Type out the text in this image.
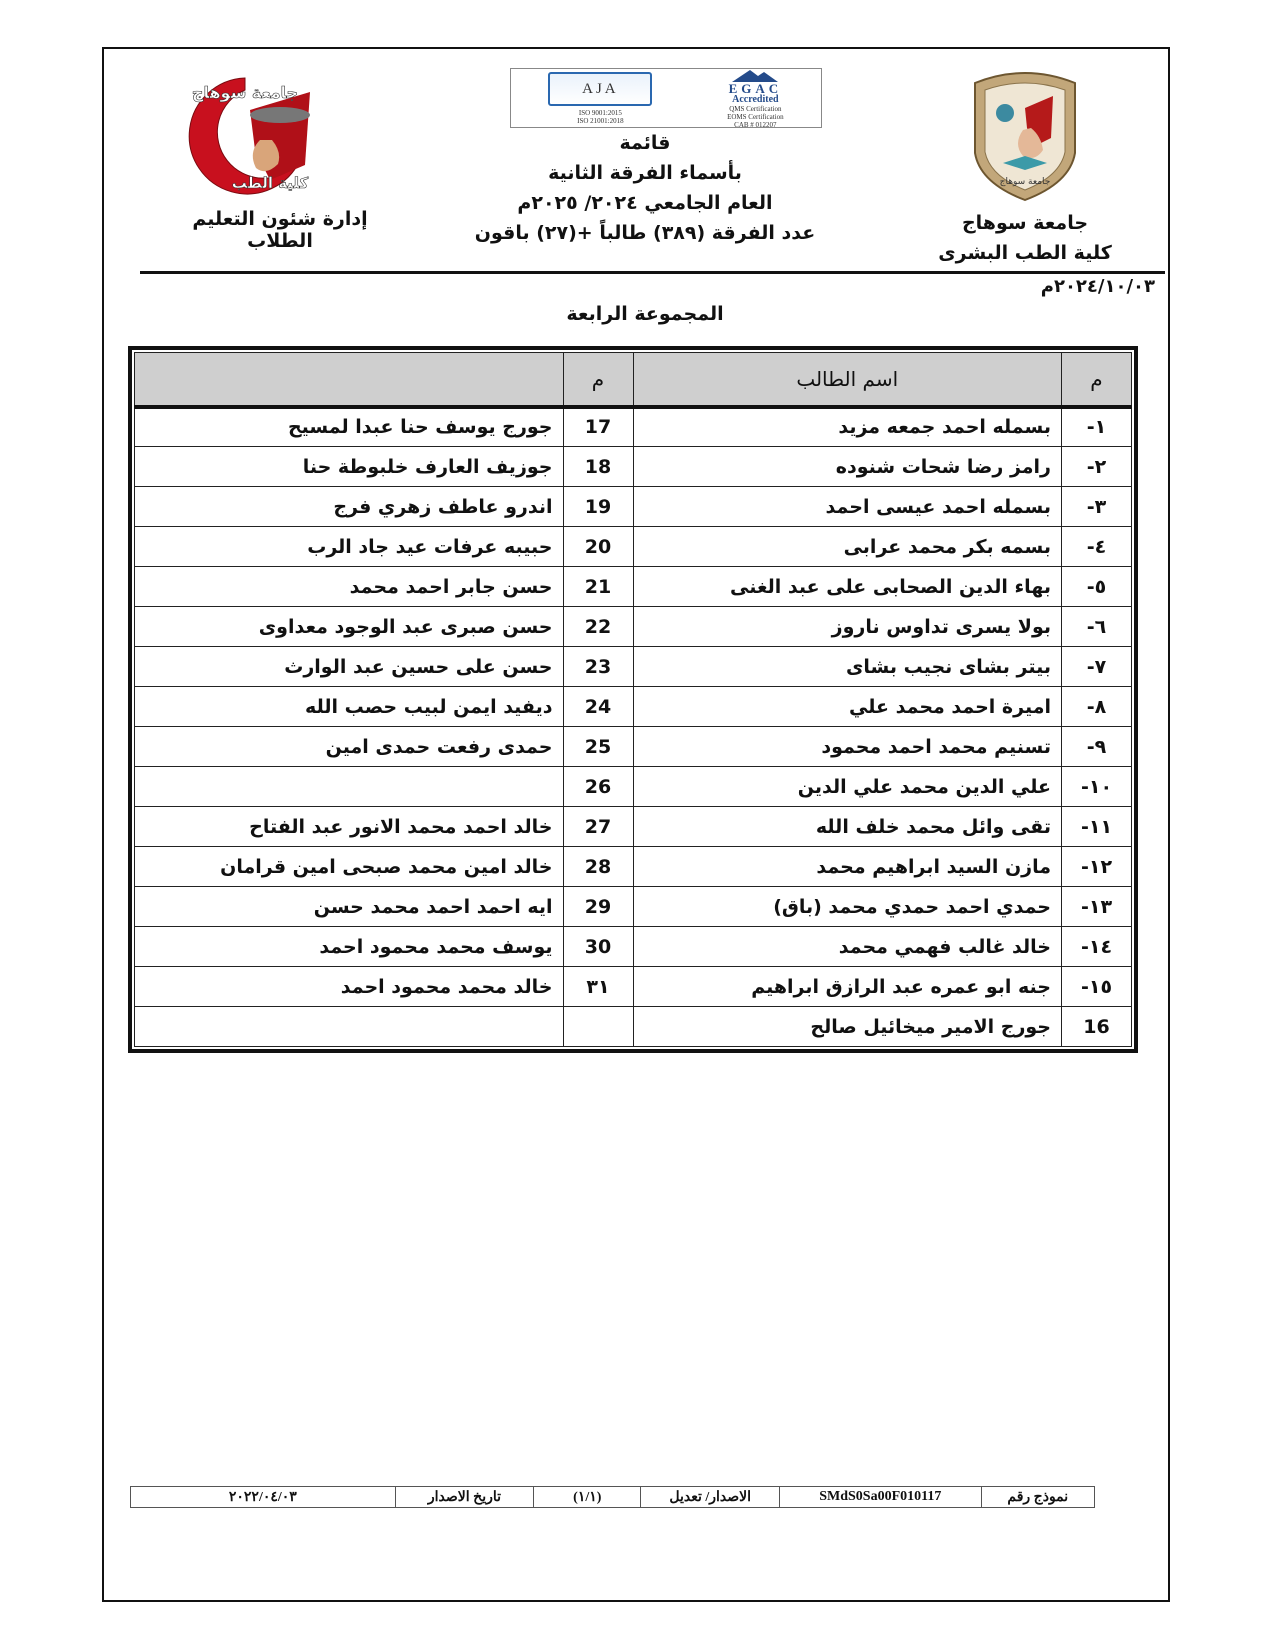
جامعة سوهاج
كلية الطب
EGAC
Accredited
QMS Certification
EOMS Certification
CAB # 012207
AJA
ISO 9001:2015
ISO 21001:2018
جامعة سوهاج
قائمة
بأسماء الفرقة الثانية
العام الجامعي ٢٠٢٤/ ٢٠٢٥م
عدد الفرقة (٣٨٩) طالباً +(٢٧) باقون
إدارة شئون التعليم الطلاب
جامعة سوهاج
كلية الطب البشرى
٢٠٢٤/١٠/٠٣م
المجموعة الرابعة
م	اسم الطالب	م	
١-	بسمله احمد جمعه مزيد	17	جورج يوسف حنا عبدا لمسيح
٢-	رامز رضا شحات شنوده	18	جوزيف العارف خلبوطة حنا
٣-	بسمله احمد عيسى احمد	19	اندرو عاطف زهري فرج
٤-	بسمه بكر محمد عرابى	20	حبيبه عرفات عيد جاد الرب
٥-	بهاء الدين الصحابى على عبد الغنى	21	حسن جابر احمد محمد
٦-	بولا يسرى تداوس ناروز	22	حسن صبرى عبد الوجود معداوى
٧-	بيتر بشاى نجيب بشاى	23	حسن على حسين عبد الوارث
٨-	اميرة احمد محمد علي	24	ديفيد ايمن لبيب حصب الله
٩-	تسنيم محمد احمد محمود	25	حمدى رفعت حمدى امين
١٠-	علي الدين محمد علي الدين	26	
١١-	تقى وائل محمد خلف الله	27	خالد احمد محمد الانور عبد الفتاح
١٢-	مازن السيد ابراهيم محمد	28	خالد امين محمد صبحى امين قرامان
١٣-	حمدي احمد حمدي محمد (باق)	29	ايه احمد احمد محمد حسن
١٤-	خالد غالب فهمي محمد	30	يوسف محمد محمود احمد
١٥-	جنه ابو عمره عبد الرازق ابراهيم	٣١	خالد محمد محمود احمد
16	جورج الامير ميخائيل صالح		
نموذج رقم	SMdS0Sa00F010117	الاصدار/ تعديل	(١/١)	تاريخ الاصدار	٢٠٢٢/٠٤/٠٣
